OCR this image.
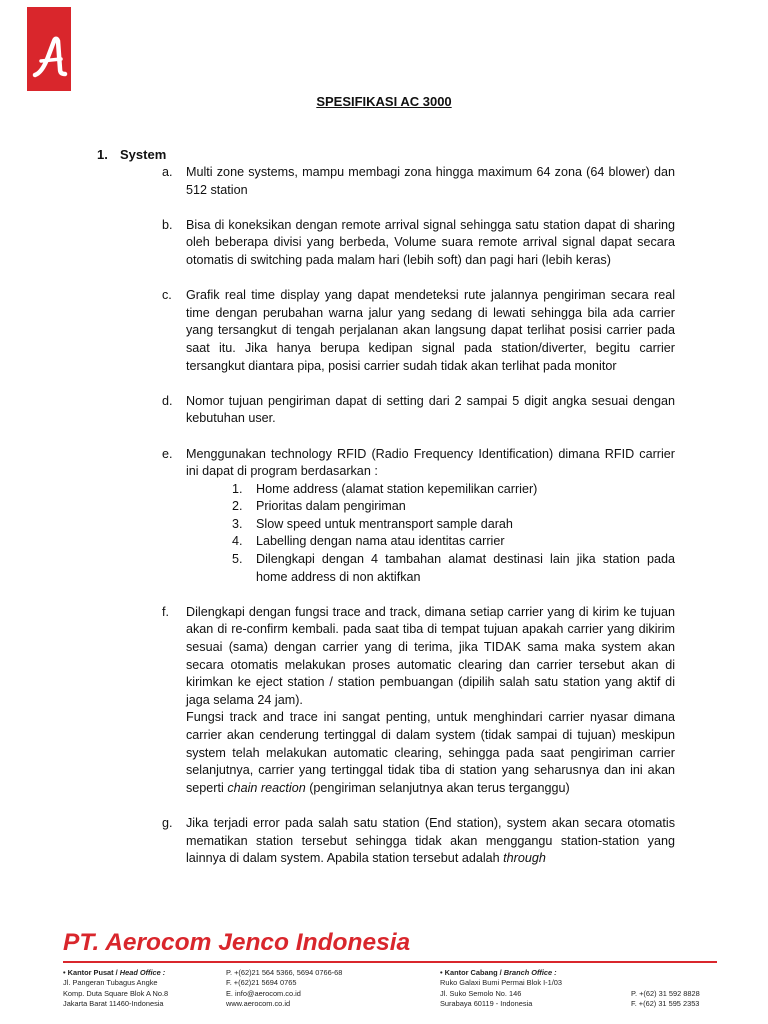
SPESIFIKASI AC 3000
1. System
a.	Multi zone systems, mampu membagi zona hingga maximum 64 zona (64 blower) dan 512 station
b.	Bisa di koneksikan dengan remote arrival signal sehingga satu station dapat di sharing oleh beberapa divisi yang berbeda, Volume suara remote arrival signal dapat secara otomatis di switching pada malam hari (lebih soft) dan pagi hari (lebih keras)
c.	Grafik real time display yang dapat mendeteksi rute jalannya pengiriman secara real time dengan perubahan warna jalur yang sedang di lewati sehingga bila ada carrier yang tersangkut di tengah perjalanan akan langsung dapat terlihat posisi carrier pada saat itu. Jika hanya berupa kedipan signal pada station/diverter, begitu carrier tersangkut diantara pipa, posisi carrier sudah tidak akan terlihat pada monitor
d.	Nomor tujuan pengiriman dapat di setting dari 2 sampai 5 digit angka sesuai dengan kebutuhan user.
e.	Menggunakan technology RFID (Radio Frequency Identification) dimana RFID carrier ini dapat di program berdasarkan :

1.	Home address (alamat station kepemilikan carrier)
2.	Prioritas dalam pengiriman
3.	Slow speed untuk mentransport sample darah
4.	Labelling dengan nama atau identitas carrier
5.	Dilengkapi dengan 4 tambahan alamat destinasi lain jika station pada home address di non aktifkan
f.	Dilengkapi dengan fungsi trace and track, dimana setiap carrier yang di kirim ke tujuan akan di re-confirm kembali. pada saat tiba di tempat tujuan apakah carrier yang dikirim sesuai (sama) dengan carrier yang di terima, jika TIDAK sama maka system akan secara otomatis melakukan proses automatic clearing dan carrier tersebut akan di kirimkan ke eject station / station pembuangan (dipilih salah satu station yang aktif di jaga selama 24 jam).

Fungsi track and trace ini sangat penting, untuk menghindari carrier nyasar dimana carrier akan cenderung tertinggal di dalam system (tidak sampai di tujuan) meskipun system telah melakukan automatic clearing, sehingga pada saat pengiriman carrier selanjutnya, carrier yang tertinggal tidak tiba di station yang seharusnya dan ini akan seperti chain reaction (pengiriman selanjutnya akan terus terganggu)

g.	Jika terjadi error pada salah satu station (End station), system akan secara otomatis mematikan station tersebut sehingga tidak akan menggangu station-station yang lainnya di dalam system. Apabila station tersebut adalah through
PT. Aerocom Jenco Indonesia
• Kantor Pusat / Head Office :
Jl. Pangeran Tubagus Angke
Komp. Duta Square Blok A No.8
Jakarta Barat 11460-Indonesia
P. +(62)21 564 5366, 5694 0766-68
F. +(62)21 5694 0765
E. info@aerocom.co.id
www.aerocom.co.id
• Kantor Cabang / Branch Office :
Ruko Galaxi Bumi Permai Blok I-1/03
Jl. Suko Semolo No. 146
Surabaya 60119 - Indonesia
P. +(62) 31 592 8828
F. +(62) 31 595 2353
